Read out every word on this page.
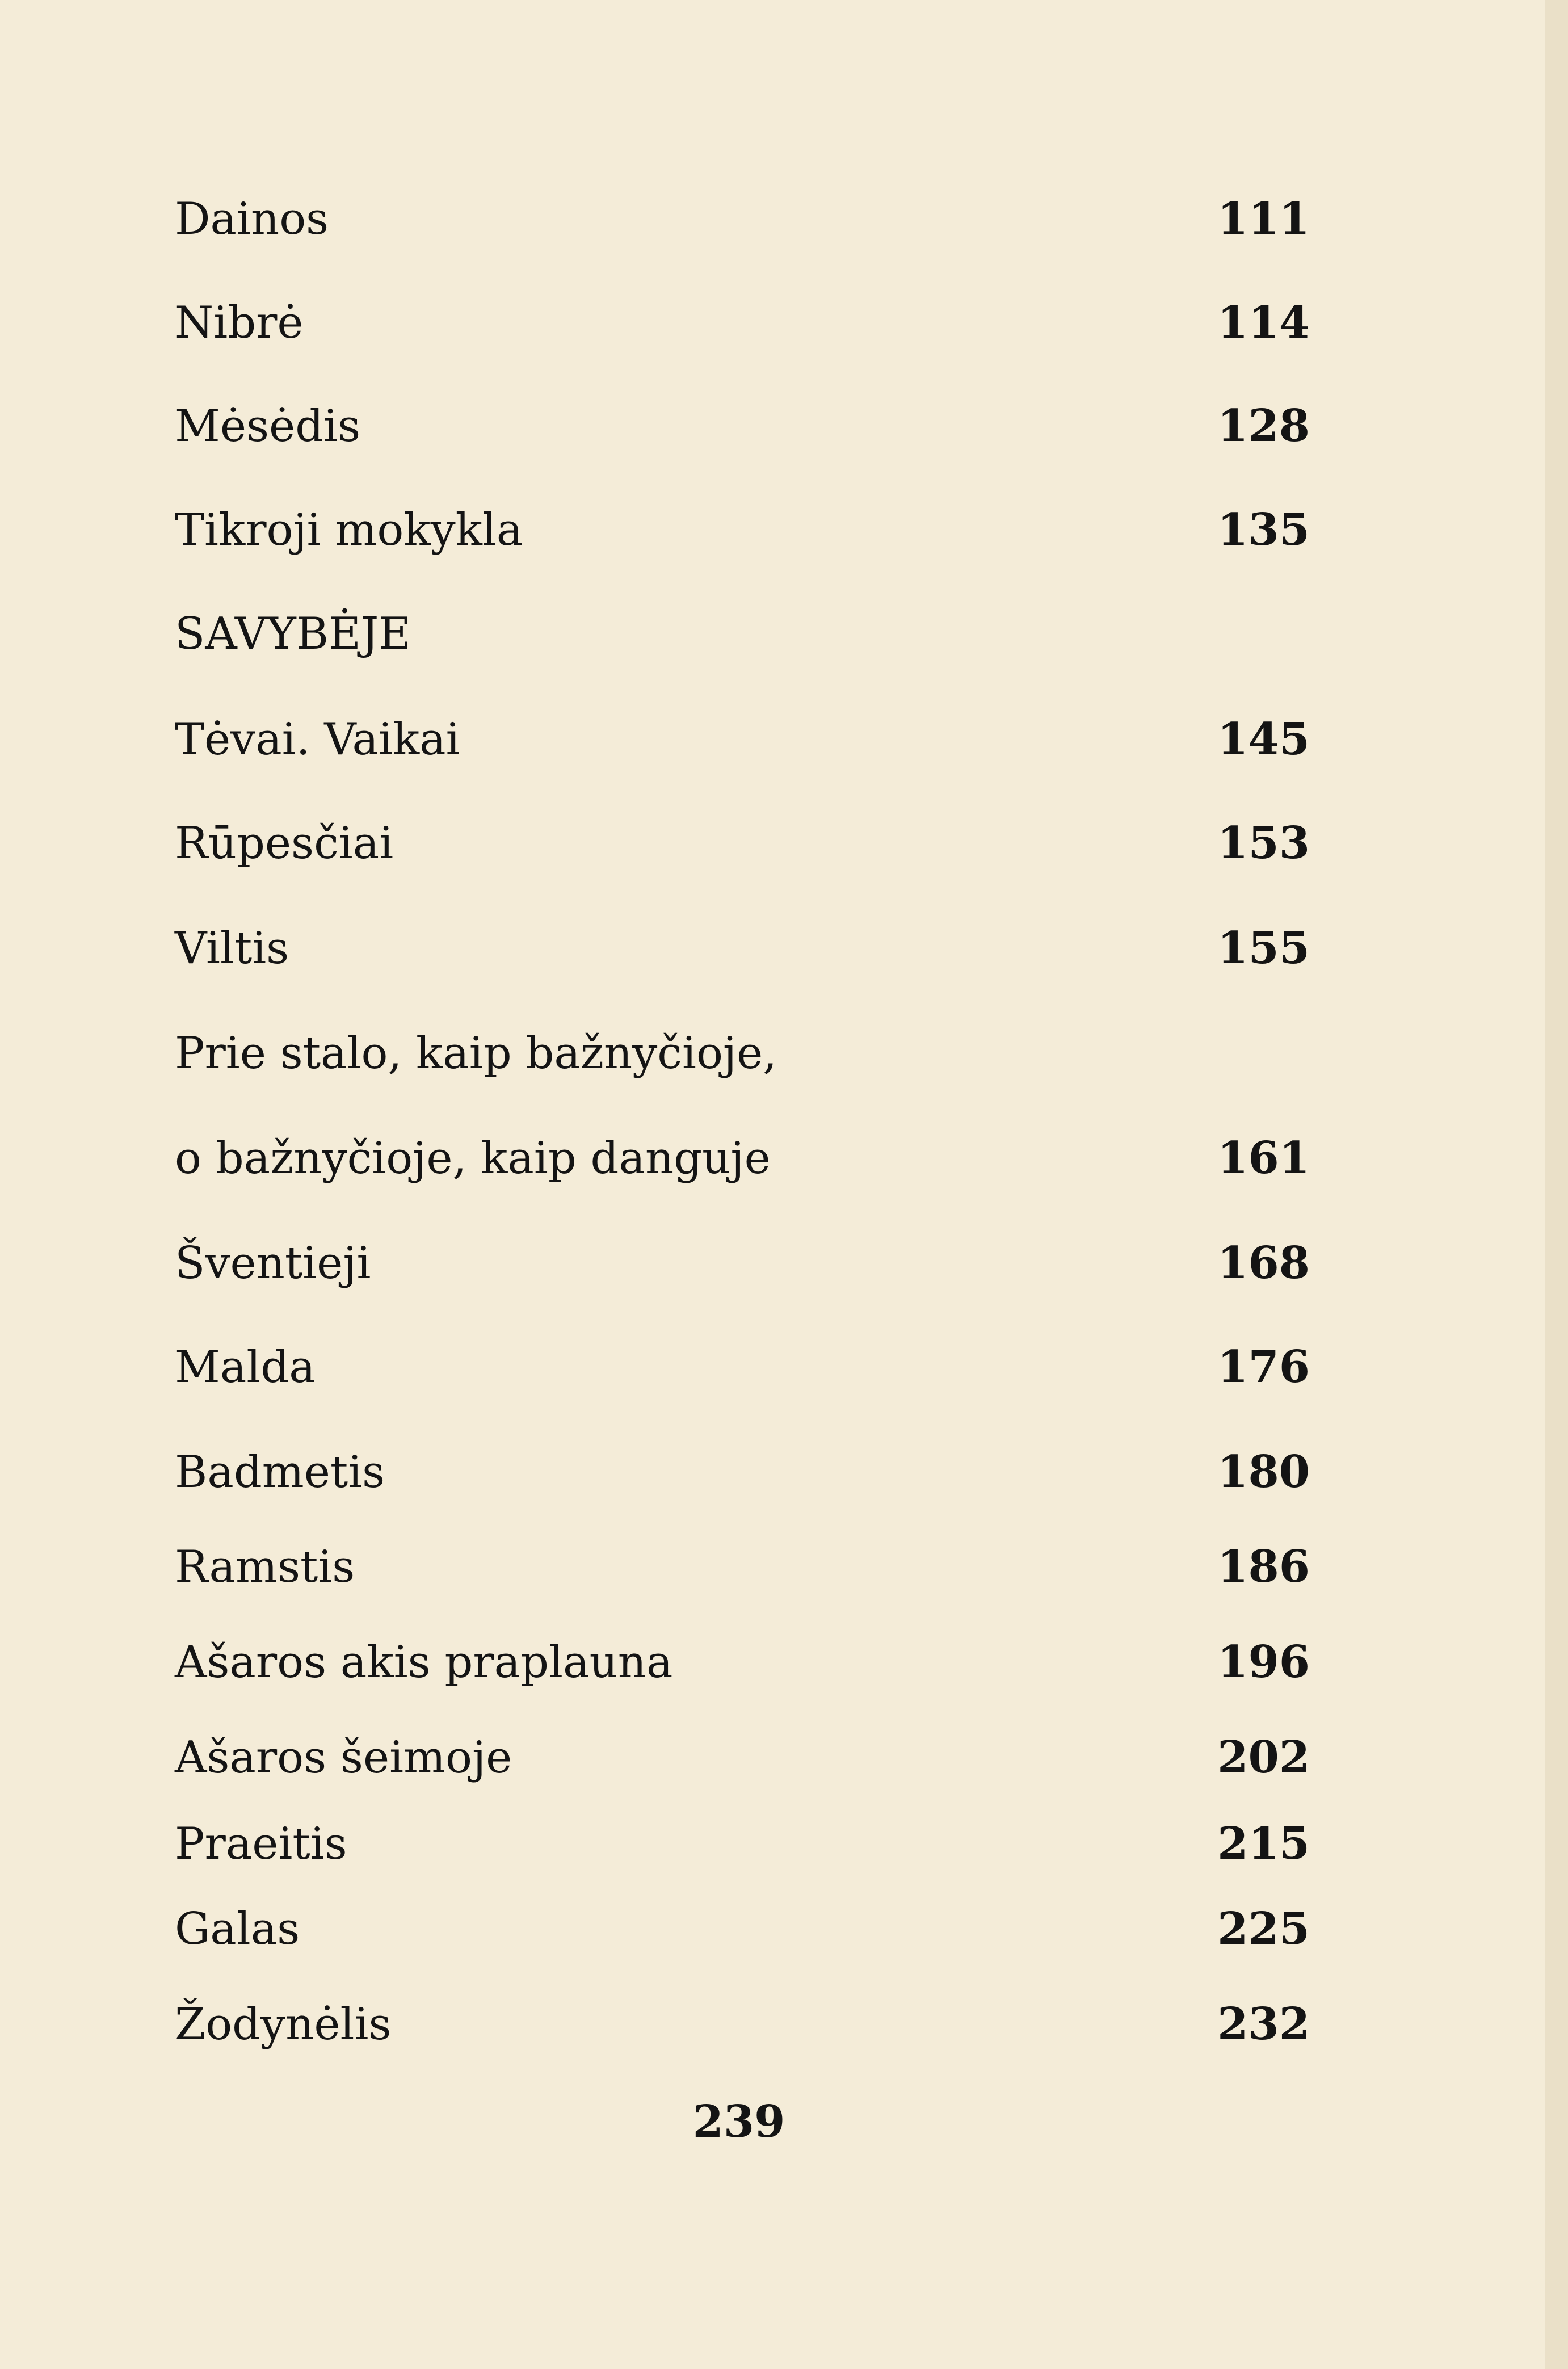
Dainos	111
Nibrė	114
Mėsėdis	128
Tikroji mokykla	135
SAVYBĖJE
Tėvai. Vaikai	145
Rūpesčiai	153
Viltis	155
Prie stalo, kaip bažnyčioje,
o bažnyčioje, kaip danguje	161
Šventieji	168
Malda	176
Badmetis	180
Ramstis	186
Ašaros akis praplauna	196
Ašaros šeimoje	202
Praeitis	215
Galas	225
Žodynėlis	232
239
